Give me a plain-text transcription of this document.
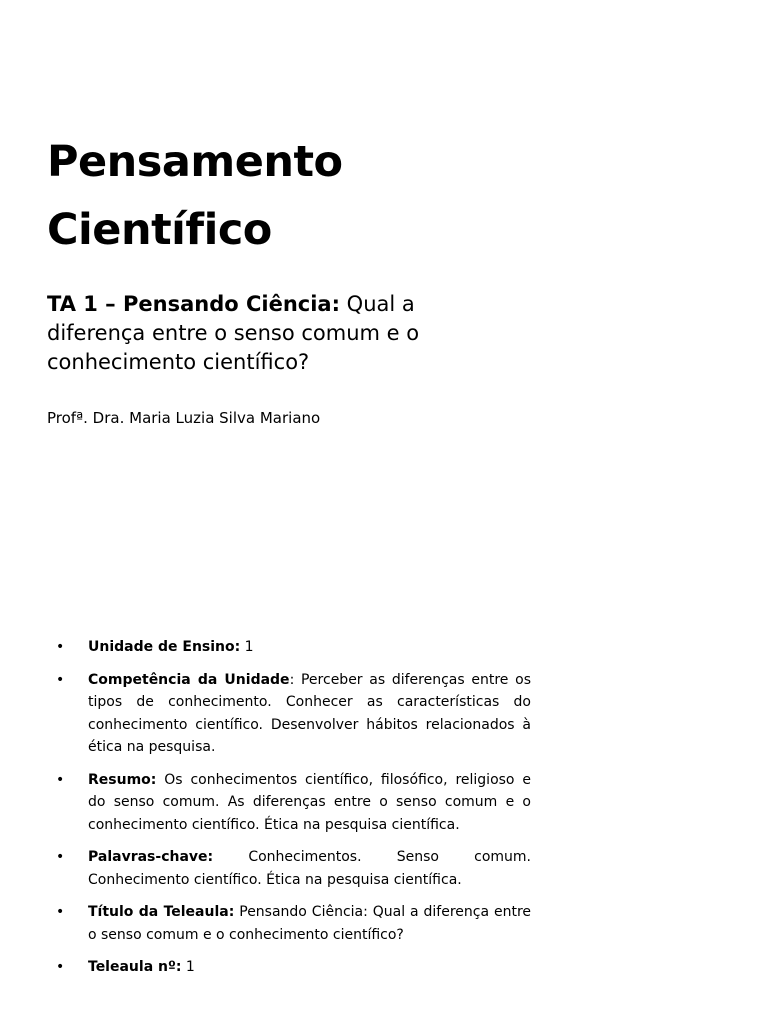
Pensamento
Científico

TA 1 – Pensando Ciência: Qual a diferença entre o senso comum e o conhecimento científico?

Profª. Dra. Maria Luzia Silva Mariano

• Unidade de Ensino: 1
• Competência da Unidade: Perceber as diferenças entre os tipos de conhecimento. Conhecer as características do conhecimento científico. Desenvolver hábitos relacionados à ética na pesquisa.
• Resumo: Os conhecimentos científico, filosófico, religioso e do senso comum. As diferenças entre o senso comum e o conhecimento científico. Ética na pesquisa científica.
• Palavras-chave: Conhecimentos. Senso comum. Conhecimento científico. Ética na pesquisa científica.
• Título da Teleaula: Pensando Ciência: Qual a diferença entre o senso comum e o conhecimento científico?
• Teleaula nº: 1
